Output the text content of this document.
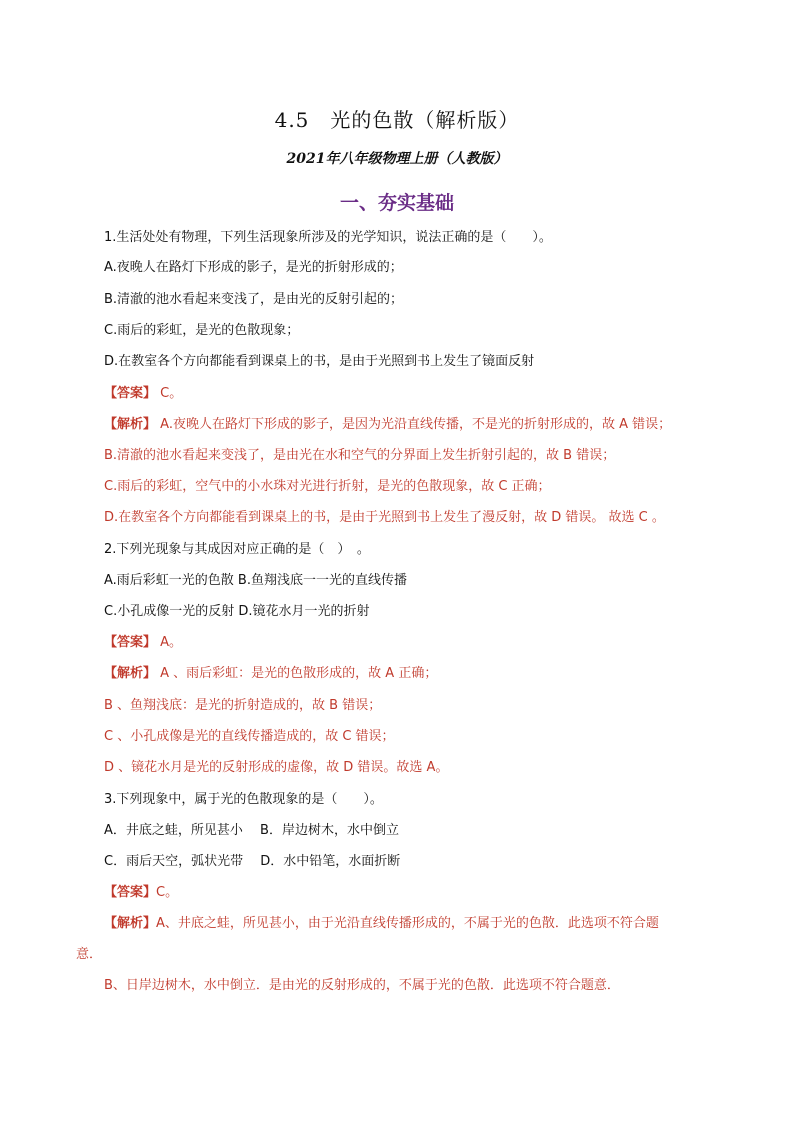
4.5　光的色散（解析版）
2021年八年级物理上册（人教版）
一、夯实基础
1.生活处处有物理，下列生活现象所涉及的光学知识，说法正确的是（　　）。
A.夜晚人在路灯下形成的影子，是光的折射形成的；
B.清澈的池水看起来变浅了，是由光的反射引起的；
C.雨后的彩虹，是光的色散现象；
D.在教室各个方向都能看到课桌上的书，是由于光照到书上发生了镜面反射
【答案】 C。
【解析】 A.夜晚人在路灯下形成的影子，是因为光沿直线传播，不是光的折射形成的，故 A 错误；
B.清澈的池水看起来变浅了，是由光在水和空气的分界面上发生折射引起的，故 B 错误；
C.雨后的彩虹，空气中的小水珠对光进行折射，是光的色散现象，故 C 正确；
D.在教室各个方向都能看到课桌上的书，是由于光照到书上发生了漫反射，故 D 错误。 故选 C 。
2.下列光现象与其成因对应正确的是（　）　。
A.雨后彩虹一光的色散 B.鱼翔浅底一一光的直线传播
C.小孔成像一光的反射 D.镜花水月一光的折射
【答案】 A。
【解析】 A 、雨后彩虹：是光的色散形成的，故 A 正确；
B 、鱼翔浅底：是光的折射造成的，故 B 错误；
C 、小孔成像是光的直线传播造成的，故 C 错误；
D 、镜花水月是光的反射形成的虚像，故 D 错误。故选 A。
3.下列现象中，属于光的色散现象的是（　　）。
A．井底之蛙，所见甚小　 B．岸边树木，水中倒立
C．雨后天空，弧状光带　 D．水中铅笔，水面折断
【答案】C。
【解析】A、井底之蛙，所见甚小，由于光沿直线传播形成的，不属于光的色散．此选项不符合题
意．
B、日岸边树木，水中倒立．是由光的反射形成的，不属于光的色散．此选项不符合题意．
